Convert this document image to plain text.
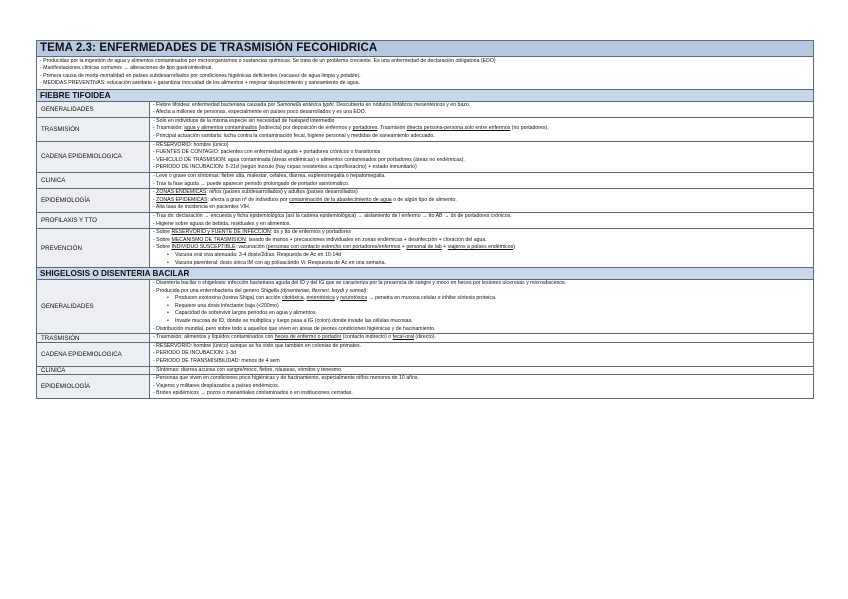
TEMA 2.3: ENFERMEDADES DE TRASMISIÓN FECOHIDRICA
- Producidas por la ingestión de agua y alimentos contaminados por microorganismos o sustancias químicas. Se trata de un problema creciente. Es una enfermedad de declaración obligatoria (EDO)
- Manifestaciones clínicas comunes → alteraciones de tipo gastrointestinal.
- Primera causa de morbi-mortalidad en países subdesarrollados por condiciones higiénicas deficientes (escasez de agua limpia y potable).
- MEDIDAS PREVENTIVAS: educación sanitaria + garantizar inocuidad de los alimentos + mejorar abastecimiento y saneamiento de agua.
FIEBRE TIFOIDEA
GENERALIDADES
- Fiebre tifoidea: enfermedad bacteriana causada por Samonella entérica typhi. Descubierta en nódulos linfáticos mesentéricos y en bazo.
- Afecta a millones de personas, especialmente en países poco desarrollados y es una EDO.
TRASMISIÓN
- Solo en individuos de la misma especie sin necesidad de huésped intermedio
- Trasmisión: agua y alimentos contaminados (indirecta) por deposición de enfermos y portadores. Trasmisión directa persona-persona solo entre enfermos (no portadores).
- Principal actuación sanitaria: lucha contra la contaminación fecal, higiene personal y medidas de saneamiento adecuado.
CADENA EPIDEMIOLOGICA
- RESERVORIO: hombre (único)
- FUENTES DE CONTAGIO: pacientes con enfermedad aguda + portadores crónicos o transitorios
- VEHÍCULO DE TRASMISIÓN: agua contaminada (áreas endémicas) o alimentos contaminados por portadores (áreas no endémicas).
- PERIODO DE INCUBACIÓN: 5-21d (según inoculo (hay cepas resistentes a ciprofloxacino) + estado inmunitario)
CLINICA
- Leve o grave con síntomas: fiebre alta, malestar, cefalea, diarrea, esplenomegalia o hepatomegalia.
- Tras la fase aguda → puede aparecer periodo prolongado de portador asintomático.
EPIDEMIOLOGÍA
- ZONAS ENDEMICAS: niños (países subdesarrollados) y adultos (países desarrollados)
- ZONAS EPIDEMICAS: afecta a gran nº de individuos por contaminación de la abastecimiento de agua o de algún tipo de alimento.
- Alta tasa de incidencia en pacientes VIH.
PROFILAXIS Y TTO
- Tras dx: declaración → encuesta y ficha epidemiológica (así la cadena epidemiológica) → aislamiento de l enfermo → tto AB → dx de portadores crónicos.
- Higiene sobre aguas de bebida, residuales y en alimentos.
PREVENCIÓN
- Sobre RESERVORIO y FUENTE DE INFECCIÓN: dx y tto de enfermos y portadores
- Sobre MECANISMO DE TRASMISIÓN: lavado de manos + precauciones individuales en zonas endémicas + desinfección + cloración del agua.
- Sobre INDIVIDUO SUSCEPTIBLE: vacunación (personas con contacto estrecho con portadores/enfermos + personal de lab + viajeros a países endémicos)
• Vacuna oral viva atenuada: 3-4 dosis/2días. Respuesta de Ac en 10-14d
• Vacuna parenteral: dosis única IM con ag polisacárido Vi. Respuesta de Ac en una semana.
SHIGELOSIS O DISENTERIA BACILAR
GENERALIDADES
- Disentería bacilar o shigelosis: infección bacteriana aguda del ID y del IG que se caracteriza por la presencia de sangre y moco en heces por lesiones ulcerosas y microabscesos.
- Producida por una enterobacteria del genero Shigella (dysenteriae, flexneri, boydi y sonnei):
• Producen exotoxina (toxina Shiga) con acción citotóxica, enterotóxica y neurotóxica → penetra en mucosa celular e inhibe síntesis proteica.
• Requiere una dosis infectante baja (<200mo)
• Capacidad de sobrevivir largos periodos en agua y alimentos.
• Invade mucosa de ID, donde se multiplica y luego pasa a IG (colon) donde invade las células mucosas.
- Distribución mundial, pero sobre todo a aquellos que viven en áreas de peores condiciones higiénicas y de hacinamiento.
TRASMISIÓN	- Trasmisión: alimentos y líquidos contaminados con heces de enfermo o portador (contacto indirecto) o fecal-oral (directo).
CADENA EPIDEMIOLOGICA
- RESERVORIO: hombre (único) aunque se ha visto que también en colonias de primates.
- PERIODO DE INCUBACIÓN: 1-3d
- PERIODO DE TRANSMISIBILIDAD: menos de 4 sem
CLINICA	- Síntomas: diarrea acuosa con sangre/moco, fiebre, náuseas, vómitos y tenesmo.
EPIDEMIOLOGÍA
- Personas que viven en condiciones poco higiénicas y de hacinamiento, especialmente niños menores de 10 años.
- Viajeros y militares desplazados a países endémicos.
- Brotes epidémicos → pozos o manantiales contaminados o en instituciones cerradas.
